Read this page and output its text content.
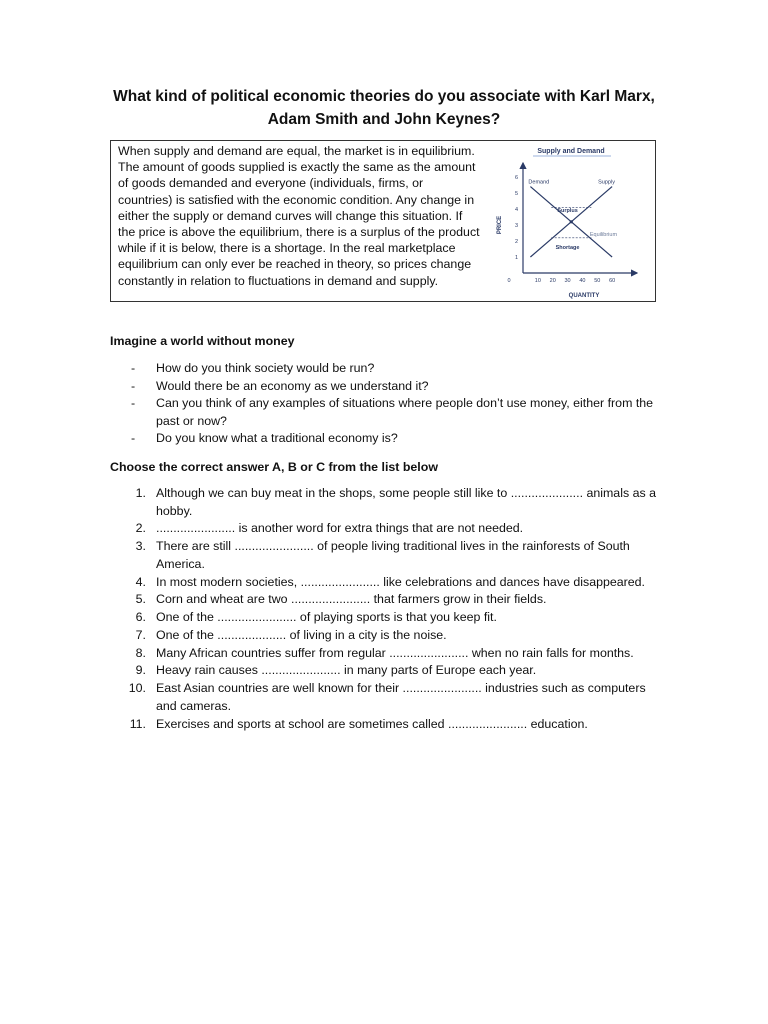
What kind of political economic theories do you associate with Karl Marx, Adam Smith and John Keynes?

When supply and demand are equal, the market is in equilibrium. The amount of goods supplied is exactly the same as the amount of goods demanded and everyone (individuals, firms, or countries) is satisfied with the economic condition. Any change in either the supply or demand curves will change this situation. If the price is above the equilibrium, there is a surplus of the product while if it is below, there is a shortage. In the real marketplace equilibrium can only ever be reached in theory, so prices change constantly in relation to fluctuations in demand and supply.

Supply and Demand
0	10 20 30 40 50 60
1
2
3
4
5
6
QUANTITY
PRICE
Demand	Supply
Surplus
Equilibrium
Shortage

Imagine a world without money

- How do you think society would be run?
- Would there be an economy as we understand it?
- Can you think of any examples of situations where people don’t use money, either from the past or now?
- Do you know what a traditional economy is?

Choose the correct answer A, B or C from the list below

1. Although we can buy meat in the shops, some people still like to ..................... animals as a hobby.
2. ....................... is another word for extra things that are not needed.
3. There are still ....................... of people living traditional lives in the rainforests of South America.
4. In most modern societies, ....................... like celebrations and dances have disappeared.
5. Corn and wheat are two ....................... that farmers grow in their fields.
6. One of the ....................... of playing sports is that you keep fit.
7. One of the .................... of living in a city is the noise.
8. Many African countries suffer from regular ....................... when no rain falls for months.
9. Heavy rain causes ....................... in many parts of Europe each year.
10. East Asian countries are well known for their ....................... industries such as computers and cameras.
11. Exercises and sports at school are sometimes called ....................... education.
